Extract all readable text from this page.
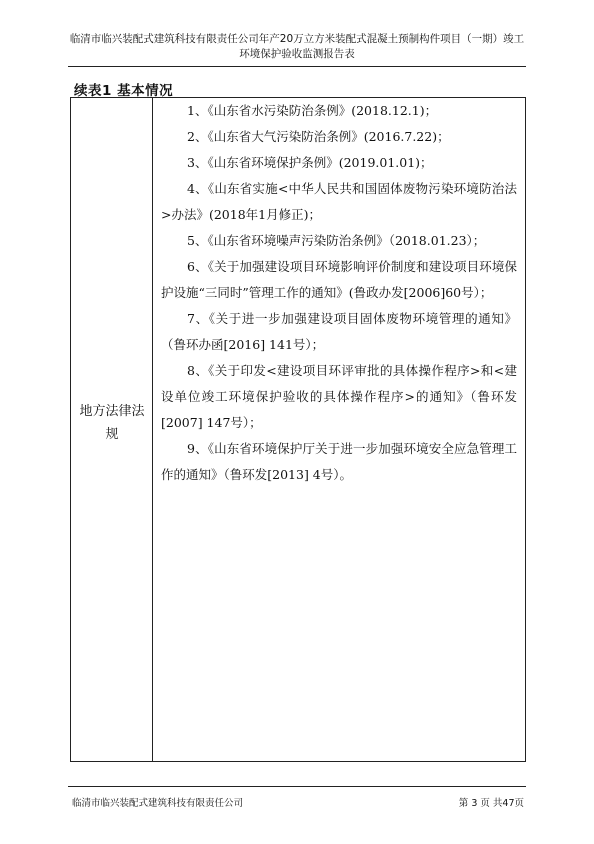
临清市临兴装配式建筑科技有限责任公司年产20万立方米装配式混凝土预制构件项目（一期）竣工
环境保护验收监测报告表
续表1 基本情况
地方法律法规

1、《山东省水污染防治条例》(2018.12.1)；

2、《山东省大气污染防治条例》(2016.7.22)；

3、《山东省环境保护条例》(2019.01.01)；

4、《山东省实施<中华人民共和国固体废物污染环境防治法>办法》(2018年1月修正)；

5、《山东省环境噪声污染防治条例》（2018.01.23）；

6、《关于加强建设项目环境影响评价制度和建设项目环境保护设施“三同时”管理工作的通知》(鲁政办发[2006]60号）；

7、《关于进一步加强建设项目固体废物环境管理的通知》（鲁环办函[2016] 141号）；

8、《关于印发<建设项目环评审批的具体操作程序>和<建设单位竣工环境保护验收的具体操作程序>的通知》（鲁环发[2007] 147号）；

9、《山东省环境保护厅关于进一步加强环境安全应急管理工作的通知》（鲁环发[2013] 4号）。

临清市临兴装配式建筑科技有限责任公司	第 3 页 共47页
